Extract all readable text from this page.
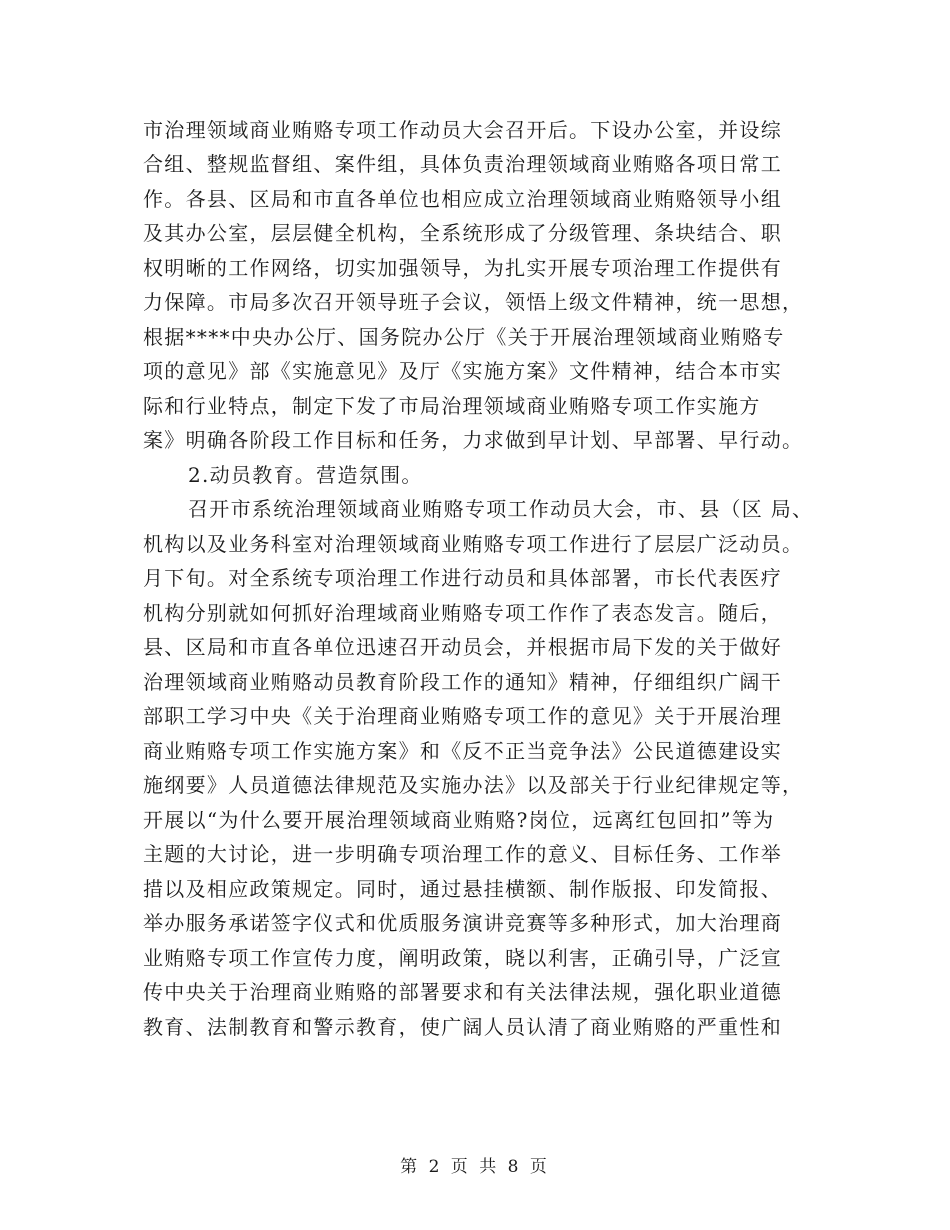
市治理领域商业贿赂专项工作动员大会召开后。下设办公室，并设综
合组、整规监督组、案件组，具体负责治理领域商业贿赂各项日常工
作。各县、区局和市直各单位也相应成立治理领域商业贿赂领导小组
及其办公室，层层健全机构，全系统形成了分级管理、条块结合、职
权明晰的工作网络，切实加强领导，为扎实开展专项治理工作提供有
力保障。市局多次召开领导班子会议，领悟上级文件精神，统一思想，
根据****中央办公厅、国务院办公厅《关于开展治理领域商业贿赂专
项的意见》部《实施意见》及厅《实施方案》文件精神，结合本市实
际和行业特点，制定下发了市局治理领域商业贿赂专项工作实施方
案》明确各阶段工作目标和任务，力求做到早计划、早部署、早行动。
2.动员教育。营造氛围。
召开市系统治理领域商业贿赂专项工作动员大会，市、县（区 局、
机构以及业务科室对治理领域商业贿赂专项工作进行了层层广泛动员。
月下旬。对全系统专项治理工作进行动员和具体部署，市长代表医疗
机构分别就如何抓好治理域商业贿赂专项工作作了表态发言。随后，
县、区局和市直各单位迅速召开动员会，并根据市局下发的关于做好
治理领域商业贿赂动员教育阶段工作的通知》精神，仔细组织广阔干
部职工学习中央《关于治理商业贿赂专项工作的意见》关于开展治理
商业贿赂专项工作实施方案》和《反不正当竞争法》公民道德建设实
施纲要》人员道德法律规范及实施办法》以及部关于行业纪律规定等，
开展以“为什么要开展治理领域商业贿赂?岗位，远离红包回扣”等为
主题的大讨论，进一步明确专项治理工作的意义、目标任务、工作举
措以及相应政策规定。同时，通过悬挂横额、制作版报、印发简报、
举办服务承诺签字仪式和优质服务演讲竞赛等多种形式，加大治理商
业贿赂专项工作宣传力度，阐明政策，晓以利害，正确引导，广泛宣
传中央关于治理商业贿赂的部署要求和有关法律法规，强化职业道德
教育、法制教育和警示教育，使广阔人员认清了商业贿赂的严重性和
第 2 页 共 8 页
